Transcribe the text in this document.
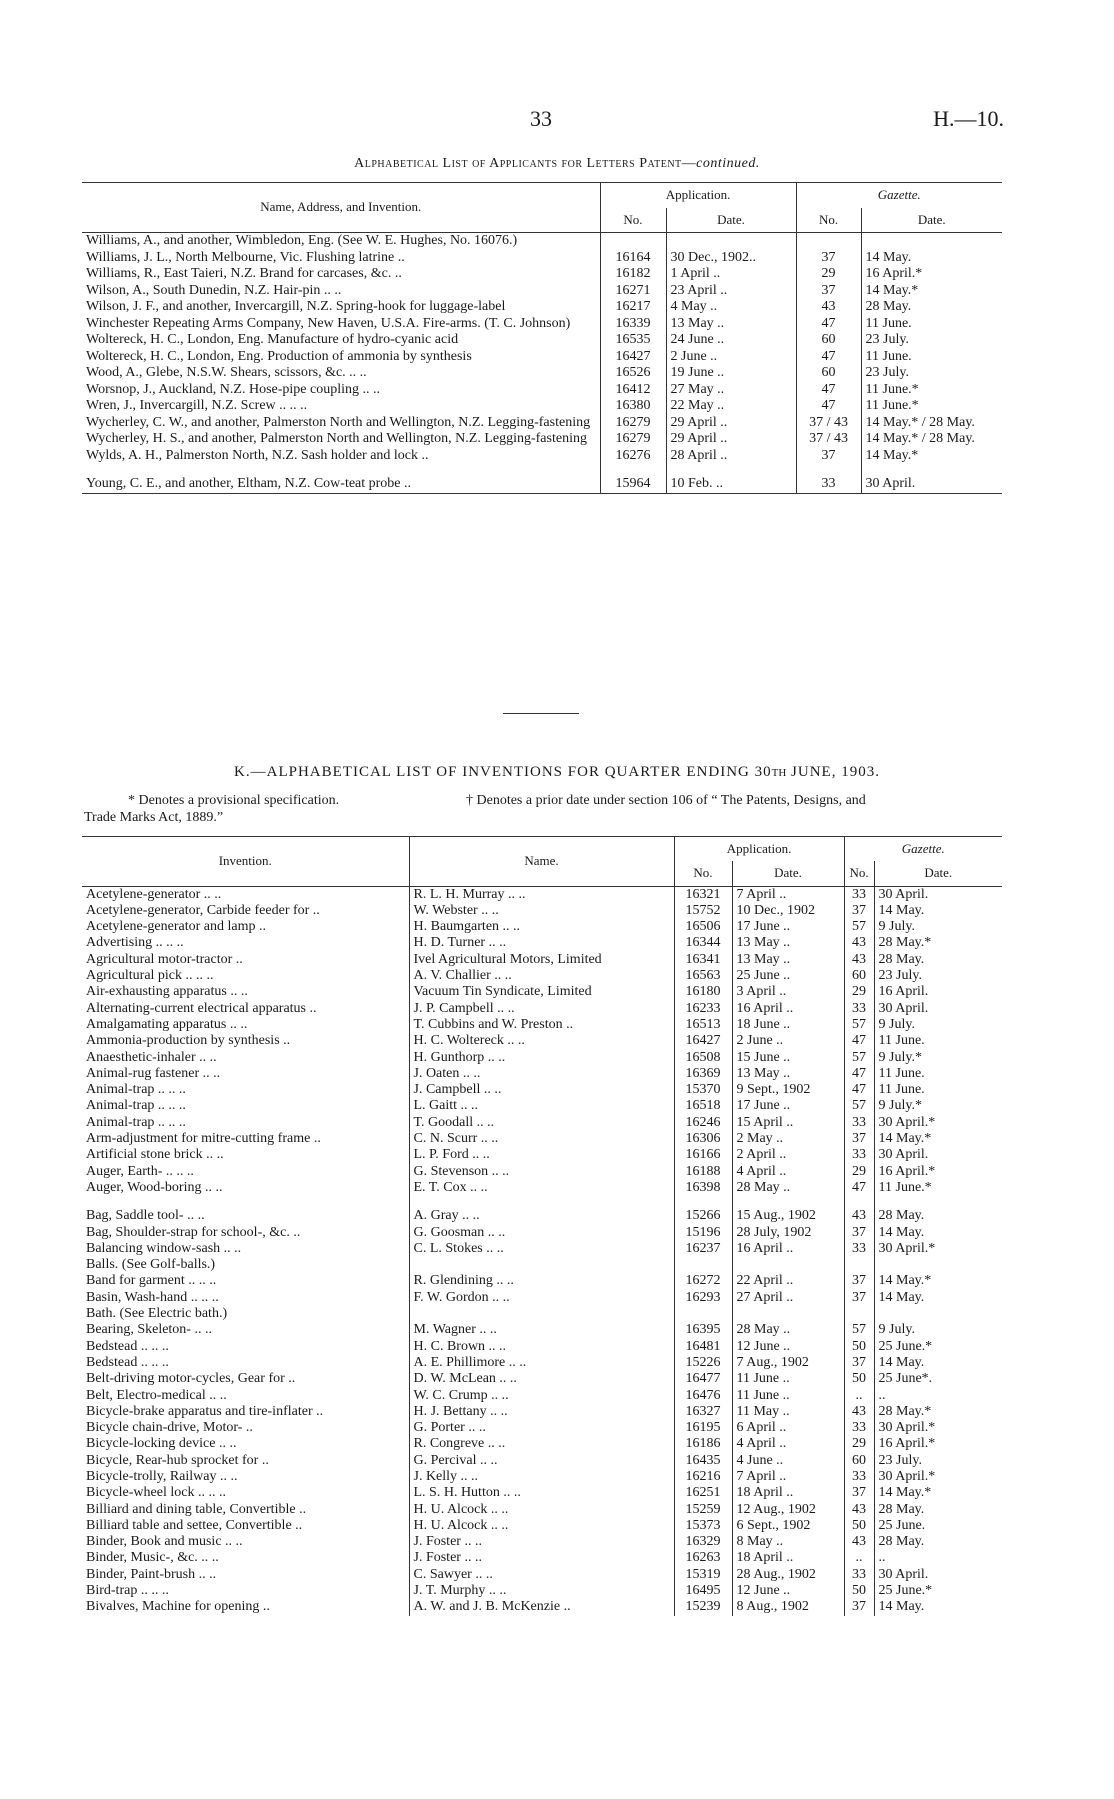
33	H.—10.
Alphabetical List of Applicants for Letters Patent—continued.
Name, Address, and Invention.	Application.		Gazette.	
	No.	Date.	No.	Date.
Williams, A., and another, Wimbledon, Eng. (See W. E. Hughes, No. 16076.)				
Williams, J. L., North Melbourne, Vic. Flushing latrine ..	16164	30 Dec., 1902..	37	14 May.
Williams, R., East Taieri, N.Z. Brand for carcases, &c. ..	16182	1 April ..	29	16 April.*
Wilson, A., South Dunedin, N.Z. Hair-pin .. ..	16271	23 April ..	37	14 May.*
Wilson, J. F., and another, Invercargill, N.Z. Spring-hook for luggage-label	16217	4 May ..	43	28 May.
Winchester Repeating Arms Company, New Haven, U.S.A. Fire-arms. (T. C. Johnson)	16339	13 May ..	47	11 June.
Woltereck, H. C., London, Eng. Manufacture of hydro-cyanic acid	16535	24 June ..	60	23 July.
Woltereck, H. C., London, Eng. Production of ammonia by synthesis	16427	2 June ..	47	11 June.
Wood, A., Glebe, N.S.W. Shears, scissors, &c. .. ..	16526	19 June ..	60	23 July.
Worsnop, J., Auckland, N.Z. Hose-pipe coupling .. ..	16412	27 May ..	47	11 June.*
Wren, J., Invercargill, N.Z. Screw .. .. ..	16380	22 May ..	47	11 June.*
Wycherley, C. W., and another, Palmerston North and Wellington, N.Z. Legging-fastening	16279	29 April ..	37 / 43	14 May.* / 28 May.
Wycherley, H. S., and another, Palmerston North and Wellington, N.Z. Legging-fastening	16279	29 April ..	37 / 43	14 May.* / 28 May.
Wylds, A. H., Palmerston North, N.Z. Sash holder and lock ..	16276	28 April ..	37	14 May.*

Young, C. E., and another, Eltham, N.Z. Cow-teat probe ..	15964	10 Feb. ..	33	30 April.

K.—ALPHABETICAL LIST OF INVENTIONS FOR QUARTER ENDING 30TH JUNE, 1903.
* Denotes a provisional specification.	† Denotes a prior date under section 106 of “ The Patents, Designs, and
Trade Marks Act, 1889.”
Invention.	Name.	Application.		Gazette.	
		No.	Date.	No.	Date.
Acetylene-generator .. ..	R. L. H. Murray .. ..	16321	7 April ..	33	30 April.
Acetylene-generator, Carbide feeder for ..	W. Webster .. ..	15752	10 Dec., 1902	37	14 May.
Acetylene-generator and lamp ..	H. Baumgarten .. ..	16506	17 June ..	57	9 July.
Advertising .. .. ..	H. D. Turner .. ..	16344	13 May ..	43	28 May.*
Agricultural motor-tractor ..	Ivel Agricultural Motors, Limited	16341	13 May ..	43	28 May.
Agricultural pick .. .. ..	A. V. Challier .. ..	16563	25 June ..	60	23 July.
Air-exhausting apparatus .. ..	Vacuum Tin Syndicate, Limited	16180	3 April ..	29	16 April.
Alternating-current electrical apparatus ..	J. P. Campbell .. ..	16233	16 April ..	33	30 April.
Amalgamating apparatus .. ..	T. Cubbins and W. Preston ..	16513	18 June ..	57	9 July.
Ammonia-production by synthesis ..	H. C. Woltereck .. ..	16427	2 June ..	47	11 June.
Anaesthetic-inhaler .. ..	H. Gunthorp .. ..	16508	15 June ..	57	9 July.*
Animal-rug fastener .. ..	J. Oaten .. ..	16369	13 May ..	47	11 June.
Animal-trap .. .. ..	J. Campbell .. ..	15370	9 Sept., 1902	47	11 June.
Animal-trap .. .. ..	L. Gaitt .. ..	16518	17 June ..	57	9 July.*
Animal-trap .. .. ..	T. Goodall .. ..	16246	15 April ..	33	30 April.*
Arm-adjustment for mitre-cutting frame ..	C. N. Scurr .. ..	16306	2 May ..	37	14 May.*
Artificial stone brick .. ..	L. P. Ford .. ..	16166	2 April ..	33	30 April.
Auger, Earth- .. .. ..	G. Stevenson .. ..	16188	4 April ..	29	16 April.*
Auger, Wood-boring .. ..	E. T. Cox .. ..	16398	28 May ..	47	11 June.*

Bag, Saddle tool- .. ..	A. Gray .. ..	15266	15 Aug., 1902	43	28 May.
Bag, Shoulder-strap for school-, &c. ..	G. Goosman .. ..	15196	28 July, 1902	37	14 May.
Balancing window-sash .. ..	C. L. Stokes .. ..	16237	16 April ..	33	30 April.*
Balls. (See Golf-balls.)					
Band for garment .. .. ..	R. Glendining .. ..	16272	22 April ..	37	14 May.*
Basin, Wash-hand .. .. ..	F. W. Gordon .. ..	16293	27 April ..	37	14 May.
Bath. (See Electric bath.)					
Bearing, Skeleton- .. ..	M. Wagner .. ..	16395	28 May ..	57	9 July.
Bedstead .. .. ..	H. C. Brown .. ..	16481	12 June ..	50	25 June.*
Bedstead .. .. ..	A. E. Phillimore .. ..	15226	7 Aug., 1902	37	14 May.
Belt-driving motor-cycles, Gear for ..	D. W. McLean .. ..	16477	11 June ..	50	25 June*.
Belt, Electro-medical .. ..	W. C. Crump .. ..	16476	11 June ..	..	..
Bicycle-brake apparatus and tire-inflater ..	H. J. Bettany .. ..	16327	11 May ..	43	28 May.*
Bicycle chain-drive, Motor- ..	G. Porter .. ..	16195	6 April ..	33	30 April.*
Bicycle-locking device .. ..	R. Congreve .. ..	16186	4 April ..	29	16 April.*
Bicycle, Rear-hub sprocket for ..	G. Percival .. ..	16435	4 June ..	60	23 July.
Bicycle-trolly, Railway .. ..	J. Kelly .. ..	16216	7 April ..	33	30 April.*
Bicycle-wheel lock .. .. ..	L. S. H. Hutton .. ..	16251	18 April ..	37	14 May.*
Billiard and dining table, Convertible ..	H. U. Alcock .. ..	15259	12 Aug., 1902	43	28 May.
Billiard table and settee, Convertible ..	H. U. Alcock .. ..	15373	6 Sept., 1902	50	25 June.
Binder, Book and music .. ..	J. Foster .. ..	16329	8 May ..	43	28 May.
Binder, Music-, &c. .. ..	J. Foster .. ..	16263	18 April ..	..	..
Binder, Paint-brush .. ..	C. Sawyer .. ..	15319	28 Aug., 1902	33	30 April.
Bird-trap .. .. ..	J. T. Murphy .. ..	16495	12 June ..	50	25 June.*
Bivalves, Machine for opening ..	A. W. and J. B. McKenzie ..	15239	8 Aug., 1902	37	14 May.
